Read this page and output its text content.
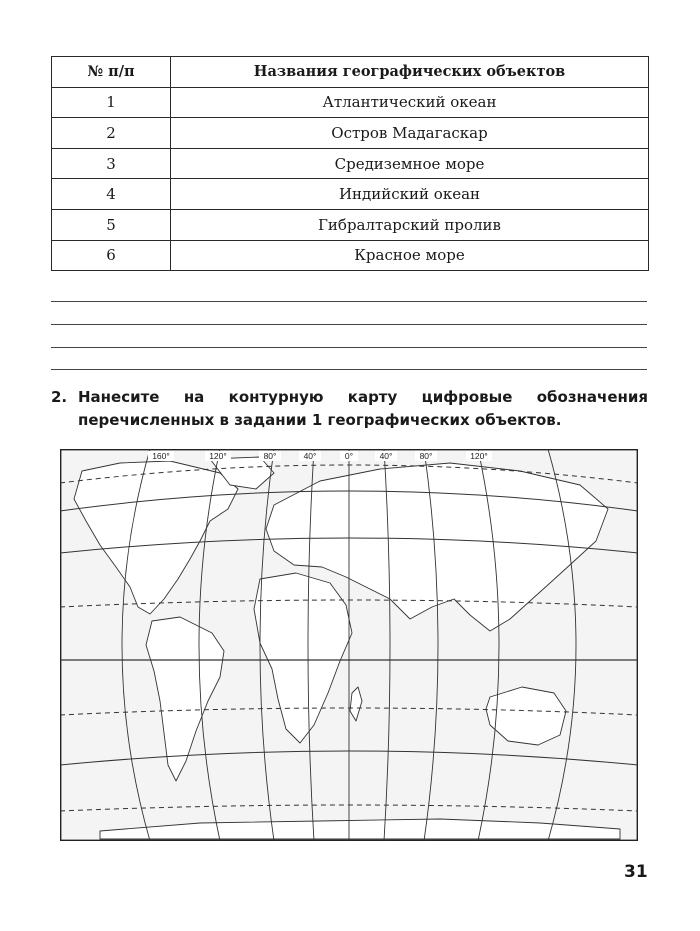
№ п/п	Названия географических объектов
1	Атлантический океан
2	Остров Мадагаскар
3	Средиземное море
4	Индийский океан
5	Гибралтарский пролив
6	Красное море
2. Нанесите на контурную карту цифровые обозначения перечисленных в задании 1 географических объектов.
160°	120°	80°	40°	0°	40°	80°	120°
31
